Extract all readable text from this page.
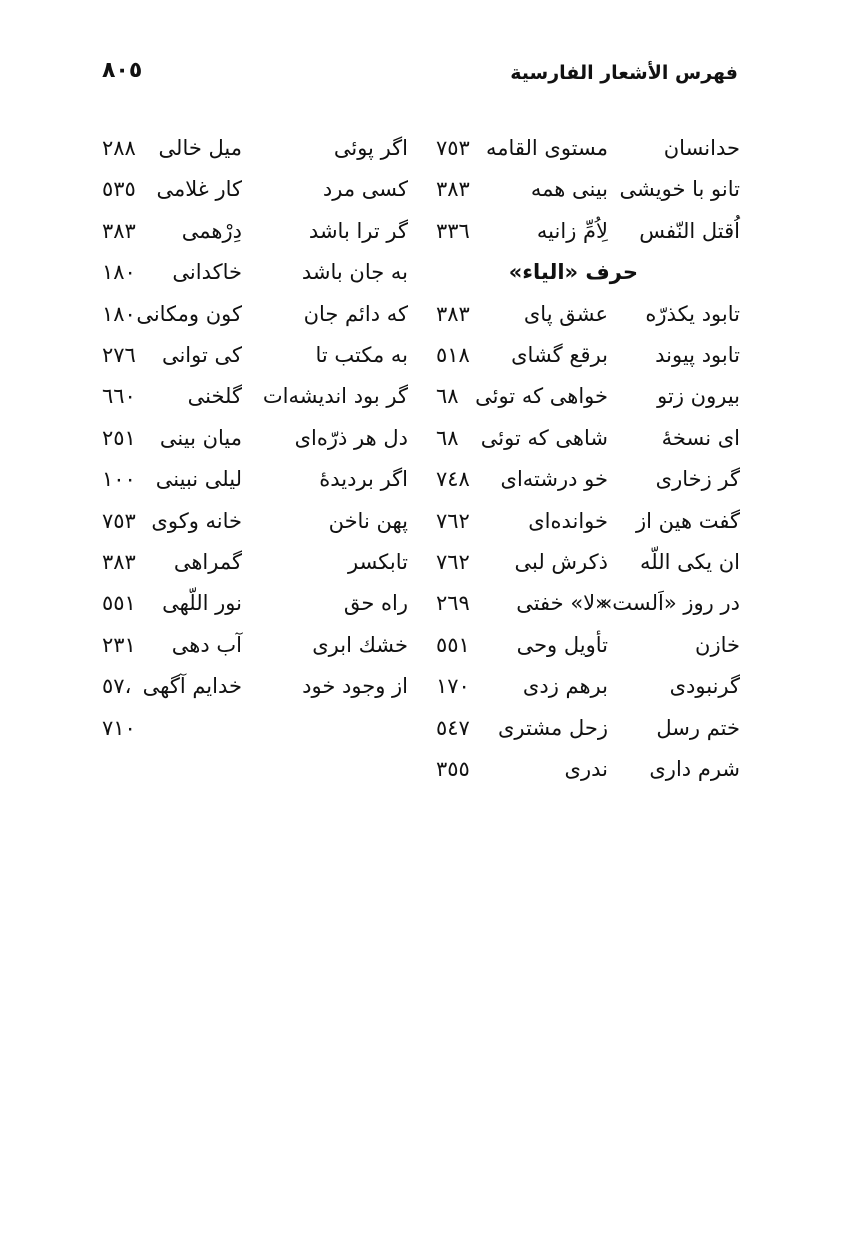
فهرس الأشعار الفارسية
٨٠٥
حدانسان
مستوی القامه
٧٥٣
تانو با خویشی
بینی همه
٣٨٣
اُقتل النّفس
لِاُمِّ زانیه
٣٣٦
حرف «الیاء»
تابود یکذرّه
عشق پای
٣٨٣
تابود پیوند
برقع گشای
٥١٨
بیرون زتو
خواهی که توئی
٦٨
ای نسخهٔ
شاهی که توئی
٦٨
گر زخاری
خو درشته‌ای
٧٤٨
گفت هین از
خوانده‌ای
٧٦٢
ان یکی اللّه
ذکرش لبی
٧٦٢
در روز «اَلست»
«لا» خفتی
٢٦٩
خازن
تأویل وحی
٥٥١
گرنبودی
برهم زدی
١٧٠
ختم رسل
زحل مشتری
٥٤٧
شرم داری
ندری
٣٥٥
اگر پوئی
میل خالی
٢٨٨
کسی مرد
کار غلامی
٥٣٥
گر ترا باشد
دِرْهمی
٣٨٣
به جان باشد
خاکدانی
١٨٠
که دائم جان
کون ومکانی
١٨٠
به مکتب تا
کی توانی
٢٧٦
گر بود اندیشه‌ات
گلخنی
٦٦٠
دل هر ذرّه‌ای
میان بینی
٢٥١
اگر بردیدهٔ
لیلی نبینی
١٠٠
پهن ناخن
خانه وکوی
٧٥٣
تابکسر
گمراهی
٣٨٣
راه حق
نور اللّهی
٥٥١
خشك ابری
آب دهی
٢٣١
از وجود خود
خدایم آگهی
٥٧،
٧١٠
